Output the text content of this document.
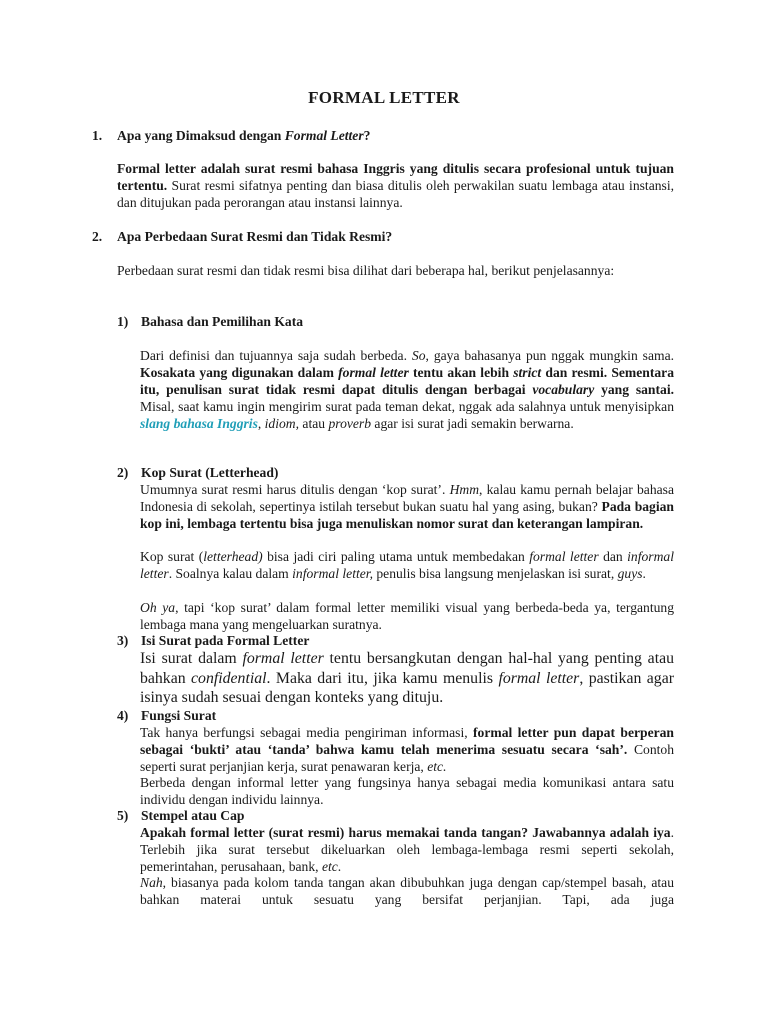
FORMAL LETTER
1. Apa yang Dimaksud dengan Formal Letter?
Formal letter adalah surat resmi bahasa Inggris yang ditulis secara profesional untuk tujuan tertentu. Surat resmi sifatnya penting dan biasa ditulis oleh perwakilan suatu lembaga atau instansi, dan ditujukan pada perorangan atau instansi lainnya.
2. Apa Perbedaan Surat Resmi dan Tidak Resmi?
Perbedaan surat resmi dan tidak resmi bisa dilihat dari beberapa hal, berikut penjelasannya:
1) Bahasa dan Pemilihan Kata
Dari definisi dan tujuannya saja sudah berbeda. So, gaya bahasanya pun nggak mungkin sama. Kosakata yang digunakan dalam formal letter tentu akan lebih strict dan resmi. Sementara itu, penulisan surat tidak resmi dapat ditulis dengan berbagai vocabulary yang santai. Misal, saat kamu ingin mengirim surat pada teman dekat, nggak ada salahnya untuk menyisipkan slang bahasa Inggris, idiom, atau proverb agar isi surat jadi semakin berwarna.
2) Kop Surat (Letterhead)
Umumnya surat resmi harus ditulis dengan ‘kop surat’. Hmm, kalau kamu pernah belajar bahasa Indonesia di sekolah, sepertinya istilah tersebut bukan suatu hal yang asing, bukan? Pada bagian kop ini, lembaga tertentu bisa juga menuliskan nomor surat dan keterangan lampiran.
Kop surat (letterhead) bisa jadi ciri paling utama untuk membedakan formal letter dan informal letter. Soalnya kalau dalam informal letter, penulis bisa langsung menjelaskan isi surat, guys.
Oh ya, tapi ‘kop surat’ dalam formal letter memiliki visual yang berbeda-beda ya, tergantung lembaga mana yang mengeluarkan suratnya.
3) Isi Surat pada Formal Letter
Isi surat dalam formal letter tentu bersangkutan dengan hal-hal yang penting atau bahkan confidential. Maka dari itu, jika kamu menulis formal letter, pastikan agar isinya sudah sesuai dengan konteks yang dituju.
4) Fungsi Surat
Tak hanya berfungsi sebagai media pengiriman informasi, formal letter pun dapat berperan sebagai ‘bukti’ atau ‘tanda’ bahwa kamu telah menerima sesuatu secara ‘sah’. Contoh seperti surat perjanjian kerja, surat penawaran kerja, etc.
Berbeda dengan informal letter yang fungsinya hanya sebagai media komunikasi antara satu individu dengan individu lainnya.
5) Stempel atau Cap
Apakah formal letter (surat resmi) harus memakai tanda tangan? Jawabannya adalah iya. Terlebih jika surat tersebut dikeluarkan oleh lembaga-lembaga resmi seperti sekolah, pemerintahan, perusahaan, bank, etc.
Nah, biasanya pada kolom tanda tangan akan dibubuhkan juga dengan cap/stempel basah, atau bahkan materai untuk sesuatu yang bersifat perjanjian. Tapi, ada juga
